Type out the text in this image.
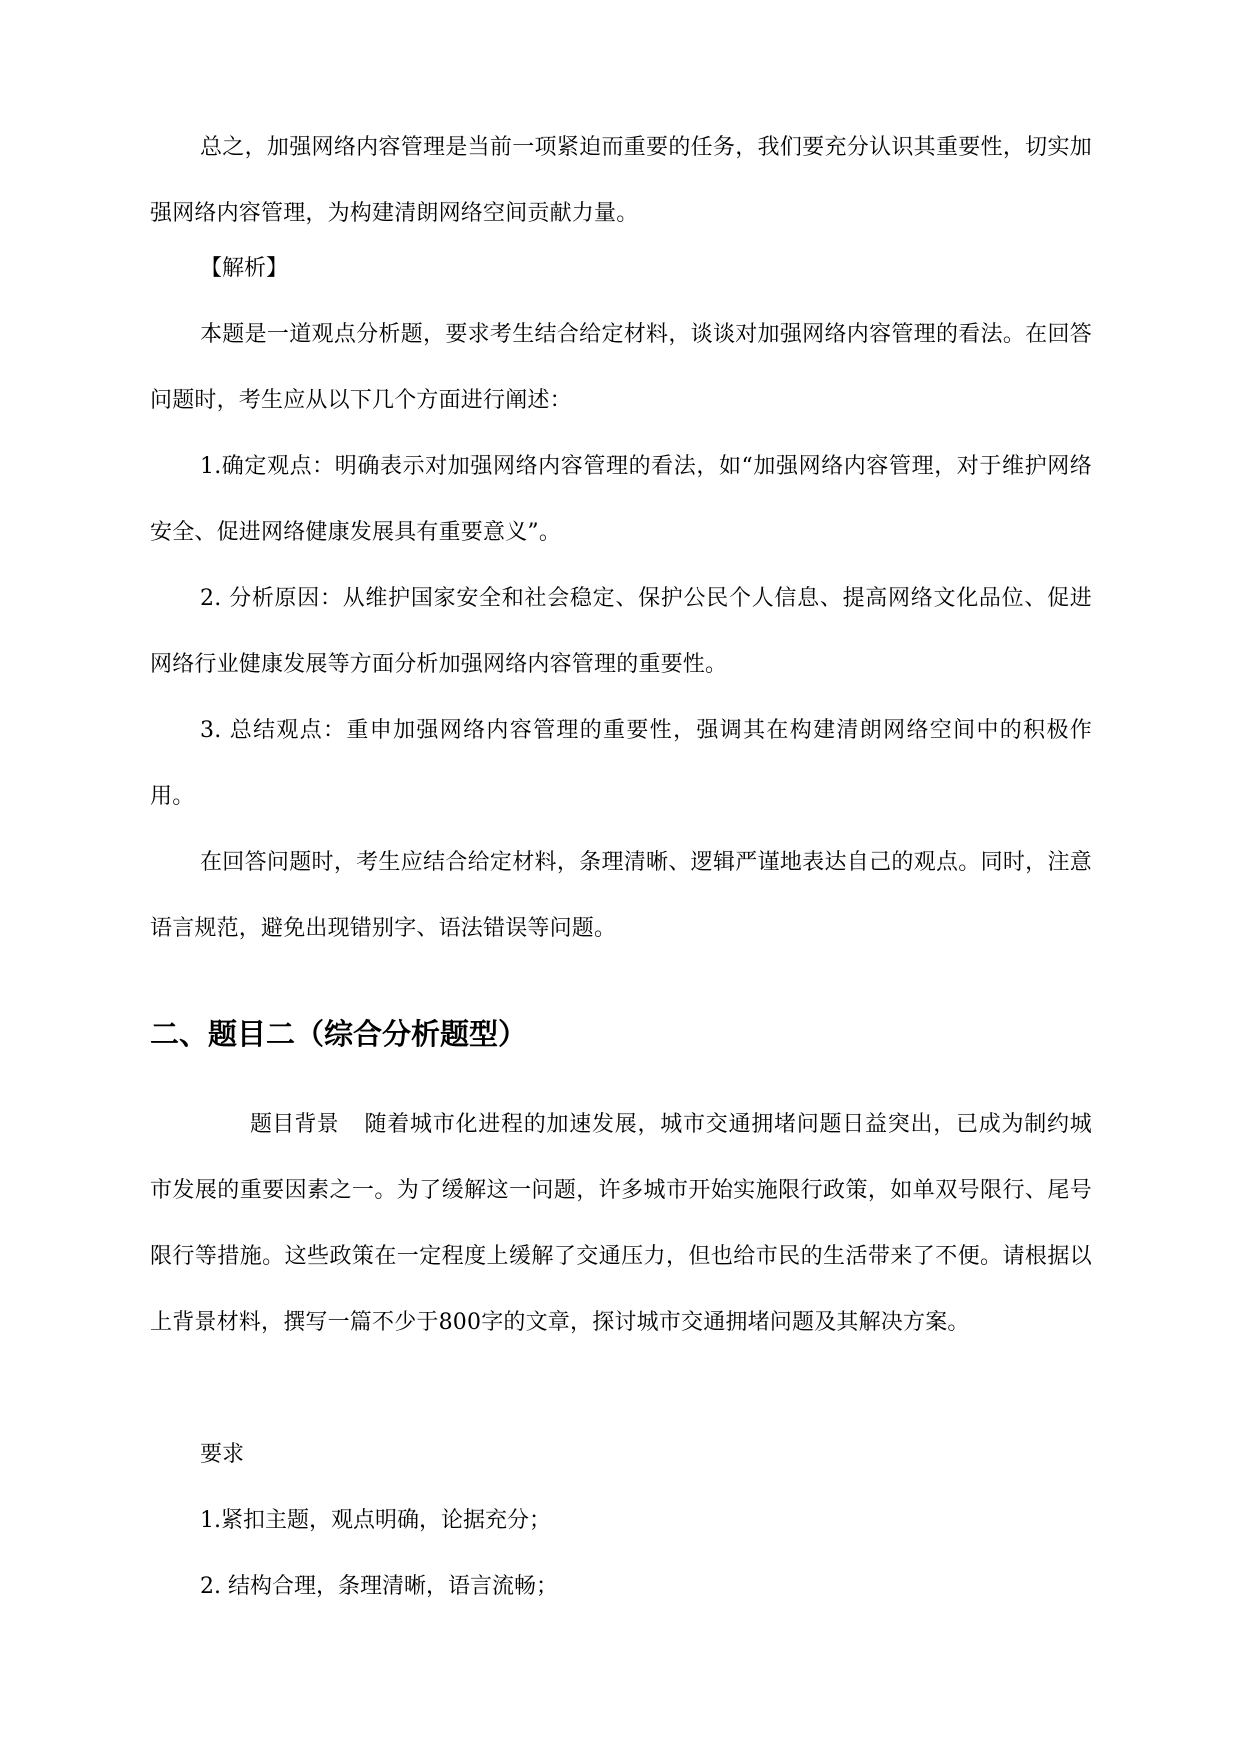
总之，加强网络内容管理是当前一项紧迫而重要的任务，我们要充分认识其重要性，切实加强网络内容管理，为构建清朗网络空间贡献力量。

【解析】

本题是一道观点分析题，要求考生结合给定材料，谈谈对加强网络内容管理的看法。在回答问题时，考生应从以下几个方面进行阐述：

1.确定观点：明确表示对加强网络内容管理的看法，如“加强网络内容管理，对于维护网络安全、促进网络健康发展具有重要意义”。

2. 分析原因：从维护国家安全和社会稳定、保护公民个人信息、提高网络文化品位、促进网络行业健康发展等方面分析加强网络内容管理的重要性。

3. 总结观点：重申加强网络内容管理的重要性，强调其在构建清朗网络空间中的积极作用。

在回答问题时，考生应结合给定材料，条理清晰、逻辑严谨地表达自己的观点。同时，注意语言规范，避免出现错别字、语法错误等问题。

二、题目二（综合分析题型）

题目背景 随着城市化进程的加速发展，城市交通拥堵问题日益突出，已成为制约城市发展的重要因素之一。为了缓解这一问题，许多城市开始实施限行政策，如单双号限行、尾号限行等措施。这些政策在一定程度上缓解了交通压力，但也给市民的生活带来了不便。请根据以上背景材料，撰写一篇不少于800字的文章，探讨城市交通拥堵问题及其解决方案。

要求

1.紧扣主题，观点明确，论据充分；

2. 结构合理，条理清晰，语言流畅；
